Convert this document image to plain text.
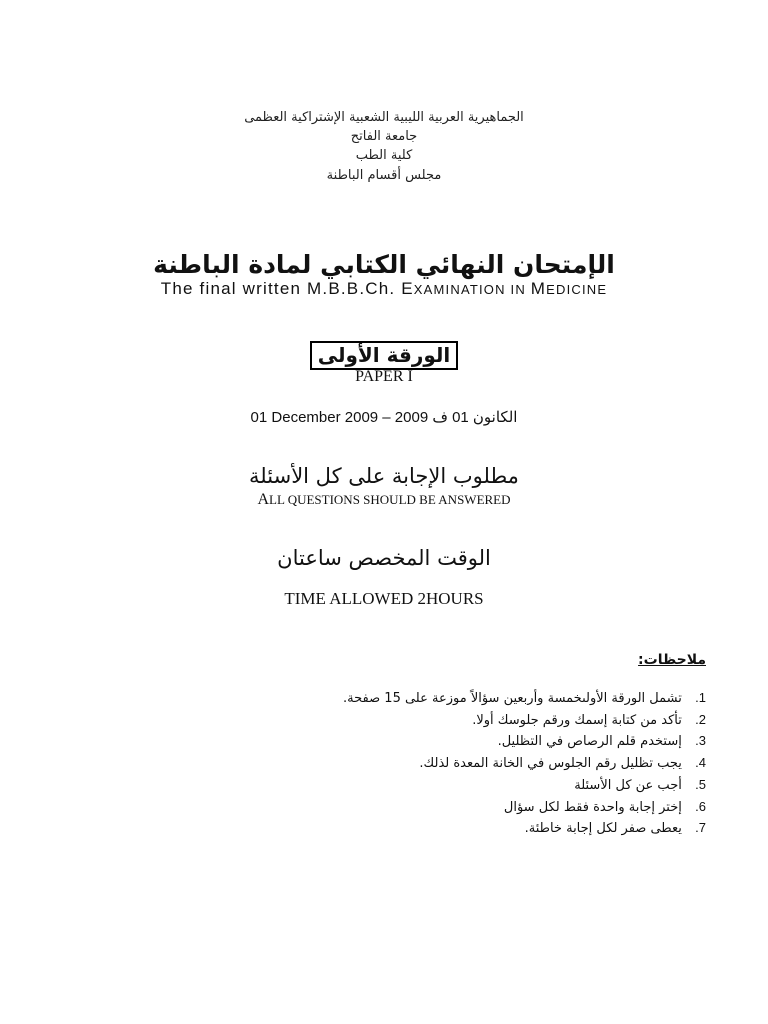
الجماهيرية العربية الليبية الشعبية الإشتراكية العظمى
جامعة الفاتح
كلية الطب
مجلس أقسام الباطنة
الإمتحان النهائي الكتابي لمادة الباطنة
The final written M.B.B.Ch. EXAMINATION IN MEDICINE
الورقة الأولى
PAPER I
01 December 2009 – 2009 الكانون 01 ف
مطلوب الإجابة على كل الأسئلة
ALL QUESTIONS SHOULD BE ANSWERED
الوقت المخصص ساعتان
TIME ALLOWED 2HOURS
ملاحظات:
1. تشمل الورقة الأولىخمسة وأربعين سؤالاً موزعة على 15 صفحة.
2. تأكد من كتابة إسمك ورقم جلوسك أولا.
3. إستخدم قلم الرصاص في التظليل.
4. يجب تظليل رقم الجلوس في الخانة المعدة لذلك.
5. أجب عن كل الأسئلة
6. إختر إجابة واحدة فقط لكل سؤال
7. يعطى صفر لكل إجابة خاطئة.
